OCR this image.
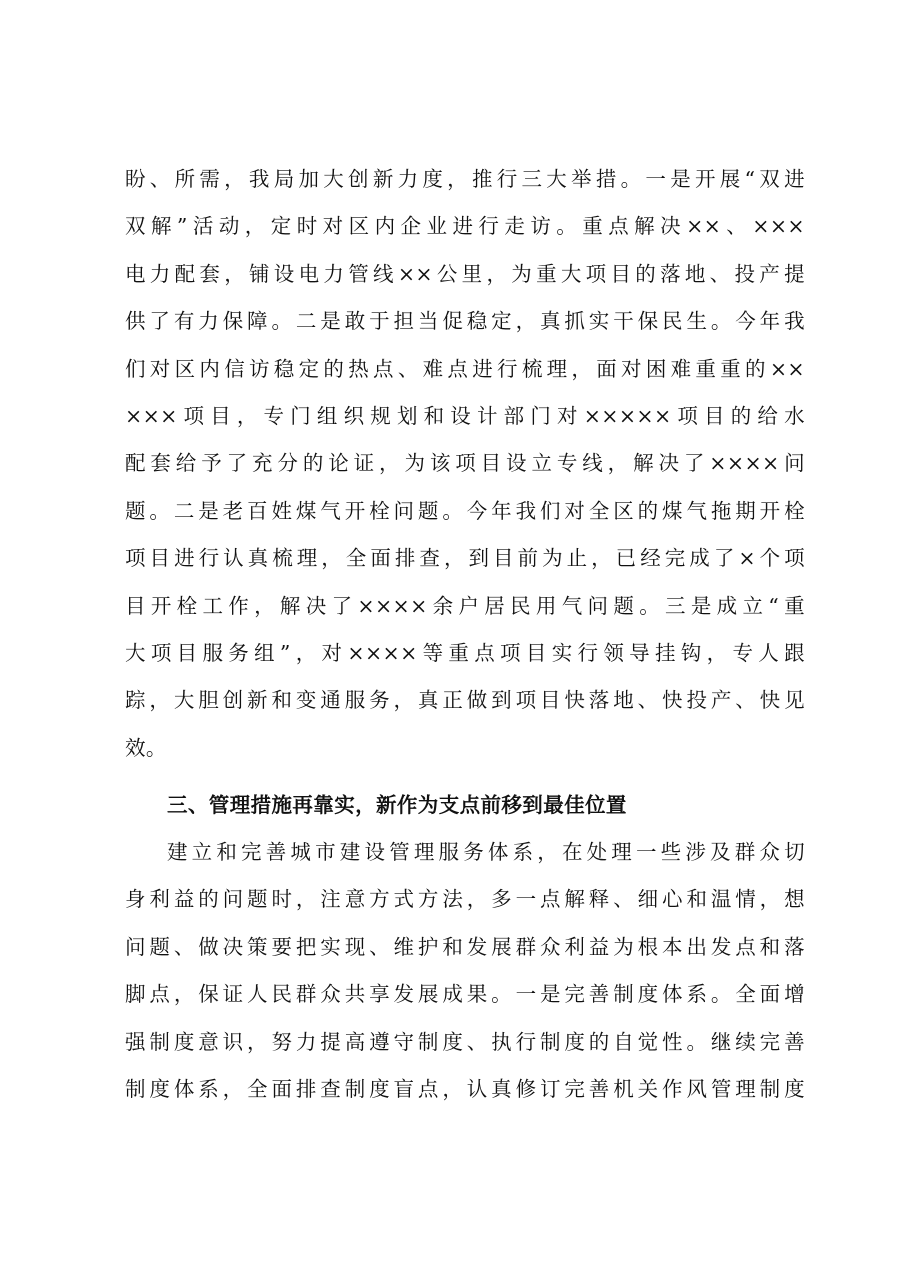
盼、所需，我局加大创新力度，推行三大举措。一是开展“双进
双解”活动，定时对区内企业进行走访。重点解决××、×××
电力配套，铺设电力管线××公里，为重大项目的落地、投产提
供了有力保障。二是敢于担当促稳定，真抓实干保民生。今年我
们对区内信访稳定的热点、难点进行梳理，面对困难重重的××
×××项目，专门组织规划和设计部门对×××××项目的给水
配套给予了充分的论证，为该项目设立专线，解决了××××问
题。二是老百姓煤气开栓问题。今年我们对全区的煤气拖期开栓
项目进行认真梳理，全面排查，到目前为止，已经完成了×个项
目开栓工作，解决了××××余户居民用气问题。三是成立“重
大项目服务组”，对××××等重点项目实行领导挂钩，专人跟
踪，大胆创新和变通服务，真正做到项目快落地、快投产、快见
效。
三、管理措施再靠实，新作为支点前移到最佳位置
建立和完善城市建设管理服务体系，在处理一些涉及群众切
身利益的问题时，注意方式方法，多一点解释、细心和温情，想
问题、做决策要把实现、维护和发展群众利益为根本出发点和落
脚点，保证人民群众共享发展成果。一是完善制度体系。全面增
强制度意识，努力提高遵守制度、执行制度的自觉性。继续完善
制度体系，全面排查制度盲点，认真修订完善机关作风管理制度
